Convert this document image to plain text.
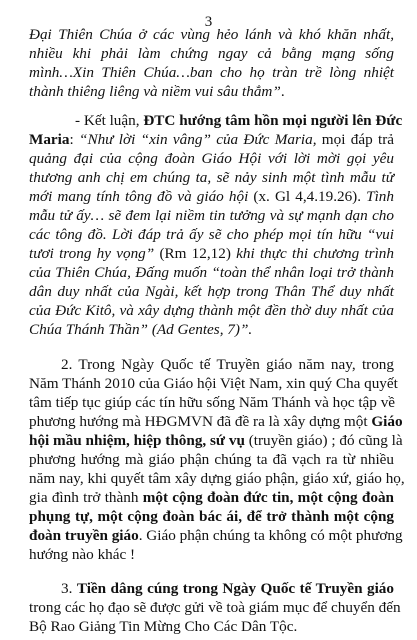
3
Đại Thiên Chúa ở các vùng hẻo lánh và khó khăn nhất,
nhiều khi phải làm chứng ngay cả bằng mạng sống
mình…Xin Thiên Chúa…ban cho họ tràn trề lòng nhiệt
thành thiêng liêng và niềm vui sâu thẳm”.
- Kết luận, ĐTC hướng tâm hồn mọi người lên Đức
Maria: “Như lời “xin vâng” của Đức Maria, mọi đáp trả
quảng đại của cộng đoàn Giáo Hội với lời mời gọi yêu
thương anh chị em chúng ta, sẽ nảy sinh một tình mẫu tử
mới mang tính tông đồ và giáo hội (x. Gl 4,4.19.26). Tình
mẫu tử ấy… sẽ đem lại niềm tin tưởng và sự mạnh dạn cho
các tông đồ. Lời đáp trả ấy sẽ cho phép mọi tín hữu “vui
tươi trong hy vọng” (Rm 12,12) khi thực thi chương trình
của Thiên Chúa, Đấng muốn “toàn thể nhân loại trở thành
dân duy nhất của Ngài, kết hợp trong Thân Thể duy nhất
của Đức Kitô, và xây dựng thành một đền thờ duy nhất của
Chúa Thánh Thần” (Ad Gentes, 7)”.
2. Trong Ngày Quốc tế Truyền giáo năm nay, trong
Năm Thánh 2010 của Giáo hội Việt Nam, xin quý Cha quyết
tâm tiếp tục giúp các tín hữu sống Năm Thánh và học tập về
phương hướng mà HĐGMVN đã đề ra là xây dựng một Giáo
hội mầu nhiệm, hiệp thông, sứ vụ (truyền giáo) ; đó cũng là
phương hướng mà giáo phận chúng ta đã vạch ra từ nhiều
năm nay, khi quyết tâm xây dựng giáo phận, giáo xứ, giáo họ,
gia đình trở thành một cộng đoàn đức tin, một cộng đoàn
phụng tự, một cộng đoàn bác ái, để trở thành một cộng
đoàn truyền giáo. Giáo phận chúng ta không có một phương
hướng nào khác !
3. Tiền dâng cúng trong Ngày Quốc tế Truyền giáo
trong các họ đạo sẽ được gửi về toà giám mục để chuyển đến
Bộ Rao Giảng Tin Mừng Cho Các Dân Tộc.
